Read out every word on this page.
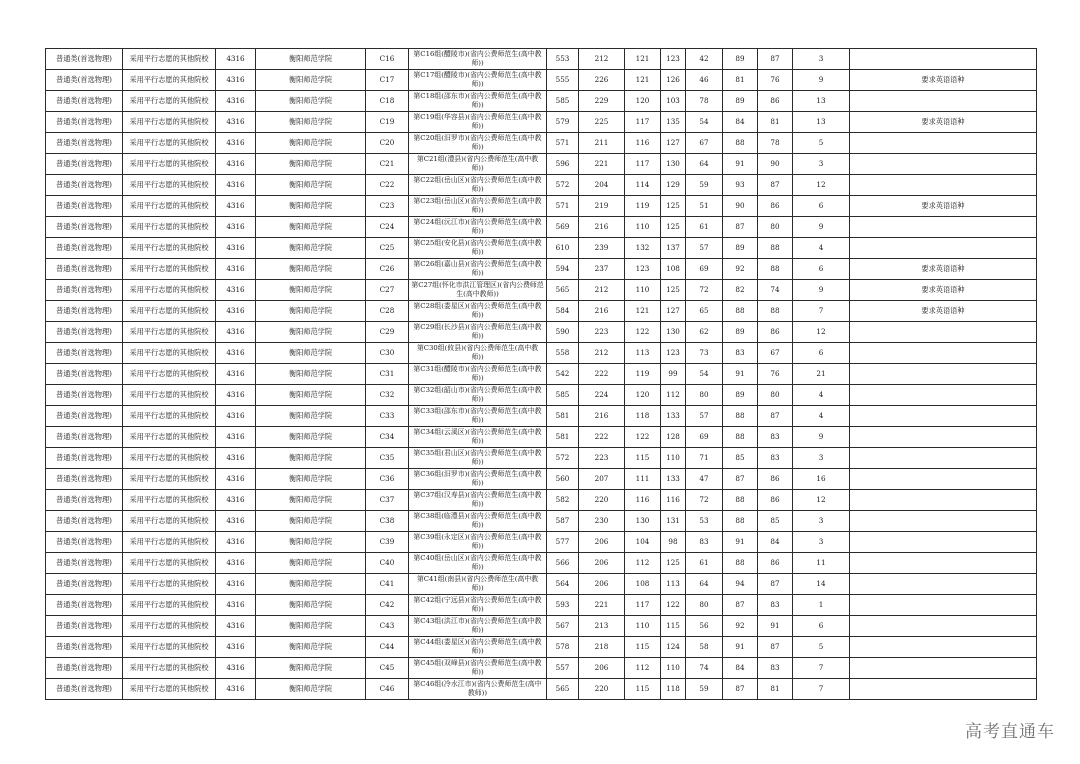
普通类(首选物理)	采用平行志愿的其他院校	4316	衡阳师范学院	C16	第C16组(醴陵市)(省内公费师范生(高中教师))	553	212	121	123	42	89	87	3	
普通类(首选物理)	采用平行志愿的其他院校	4316	衡阳师范学院	C17	第C17组(醴陵市)(省内公费师范生(高中教师))	555	226	121	126	46	81	76	9	要求英语语种
普通类(首选物理)	采用平行志愿的其他院校	4316	衡阳师范学院	C18	第C18组(邵东市)(省内公费师范生(高中教师))	585	229	120	103	78	89	86	13	
普通类(首选物理)	采用平行志愿的其他院校	4316	衡阳师范学院	C19	第C19组(华容县)(省内公费师范生(高中教师))	579	225	117	135	54	84	81	13	要求英语语种
普通类(首选物理)	采用平行志愿的其他院校	4316	衡阳师范学院	C20	第C20组(汨罗市)(省内公费师范生(高中教师))	571	211	116	127	67	88	78	5	
普通类(首选物理)	采用平行志愿的其他院校	4316	衡阳师范学院	C21	第C21组(澧县)(省内公费师范生(高中教师))	596	221	117	130	64	91	90	3	
普通类(首选物理)	采用平行志愿的其他院校	4316	衡阳师范学院	C22	第C22组(岳山区)(省内公费师范生(高中教师))	572	204	114	129	59	93	87	12	
普通类(首选物理)	采用平行志愿的其他院校	4316	衡阳师范学院	C23	第C23组(岳山区)(省内公费师范生(高中教师))	571	219	119	125	51	90	86	6	要求英语语种
普通类(首选物理)	采用平行志愿的其他院校	4316	衡阳师范学院	C24	第C24组(沅江市)(省内公费师范生(高中教师))	569	216	110	125	61	87	80	9	
普通类(首选物理)	采用平行志愿的其他院校	4316	衡阳师范学院	C25	第C25组(安化县)(省内公费师范生(高中教师))	610	239	132	137	57	89	88	4	
普通类(首选物理)	采用平行志愿的其他院校	4316	衡阳师范学院	C26	第C26组(嘉山县)(省内公费师范生(高中教师))	594	237	123	108	69	92	88	6	要求英语语种
普通类(首选物理)	采用平行志愿的其他院校	4316	衡阳师范学院	C27	第C27组(怀化市洪江管理区)(省内公费师范生(高中教师))	565	212	110	125	72	82	74	9	要求英语语种
普通类(首选物理)	采用平行志愿的其他院校	4316	衡阳师范学院	C28	第C28组(娄星区)(省内公费师范生(高中教师))	584	216	121	127	65	88	88	7	要求英语语种
普通类(首选物理)	采用平行志愿的其他院校	4316	衡阳师范学院	C29	第C29组(长沙县)(省内公费师范生(高中教师))	590	223	122	130	62	89	86	12	
普通类(首选物理)	采用平行志愿的其他院校	4316	衡阳师范学院	C30	第C30组(攸县)(省内公费师范生(高中教师))	558	212	113	123	73	83	67	6	
普通类(首选物理)	采用平行志愿的其他院校	4316	衡阳师范学院	C31	第C31组(醴陵市)(省内公费师范生(高中教师))	542	222	119	99	54	91	76	21	
普通类(首选物理)	采用平行志愿的其他院校	4316	衡阳师范学院	C32	第C32组(韶山市)(省内公费师范生(高中教师))	585	224	120	112	80	89	80	4	
普通类(首选物理)	采用平行志愿的其他院校	4316	衡阳师范学院	C33	第C33组(邵东市)(省内公费师范生(高中教师))	581	216	118	133	57	88	87	4	
普通类(首选物理)	采用平行志愿的其他院校	4316	衡阳师范学院	C34	第C34组(云溪区)(省内公费师范生(高中教师))	581	222	122	128	69	88	83	9	
普通类(首选物理)	采用平行志愿的其他院校	4316	衡阳师范学院	C35	第C35组(君山区)(省内公费师范生(高中教师))	572	223	115	110	71	85	83	3	
普通类(首选物理)	采用平行志愿的其他院校	4316	衡阳师范学院	C36	第C36组(汨罗市)(省内公费师范生(高中教师))	560	207	111	133	47	87	86	16	
普通类(首选物理)	采用平行志愿的其他院校	4316	衡阳师范学院	C37	第C37组(汉寿县)(省内公费师范生(高中教师))	582	220	116	116	72	88	86	12	
普通类(首选物理)	采用平行志愿的其他院校	4316	衡阳师范学院	C38	第C38组(临澧县)(省内公费师范生(高中教师))	587	230	130	131	53	88	85	3	
普通类(首选物理)	采用平行志愿的其他院校	4316	衡阳师范学院	C39	第C39组(永定区)(省内公费师范生(高中教师))	577	206	104	98	83	91	84	3	
普通类(首选物理)	采用平行志愿的其他院校	4316	衡阳师范学院	C40	第C40组(岳山区)(省内公费师范生(高中教师))	566	206	112	125	61	88	86	11	
普通类(首选物理)	采用平行志愿的其他院校	4316	衡阳师范学院	C41	第C41组(南县)(省内公费师范生(高中教师))	564	206	108	113	64	94	87	14	
普通类(首选物理)	采用平行志愿的其他院校	4316	衡阳师范学院	C42	第C42组(宁远县)(省内公费师范生(高中教师))	593	221	117	122	80	87	83	1	
普通类(首选物理)	采用平行志愿的其他院校	4316	衡阳师范学院	C43	第C43组(洪江市)(省内公费师范生(高中教师))	567	213	110	115	56	92	91	6	
普通类(首选物理)	采用平行志愿的其他院校	4316	衡阳师范学院	C44	第C44组(娄星区)(省内公费师范生(高中教师))	578	218	115	124	58	91	87	5	
普通类(首选物理)	采用平行志愿的其他院校	4316	衡阳师范学院	C45	第C45组(双峰县)(省内公费师范生(高中教师))	557	206	112	110	74	84	83	7	
普通类(首选物理)	采用平行志愿的其他院校	4316	衡阳师范学院	C46	第C46组(冷水江市)(省内公费师范生(高中教师))	565	220	115	118	59	87	81	7	
高考直通车
